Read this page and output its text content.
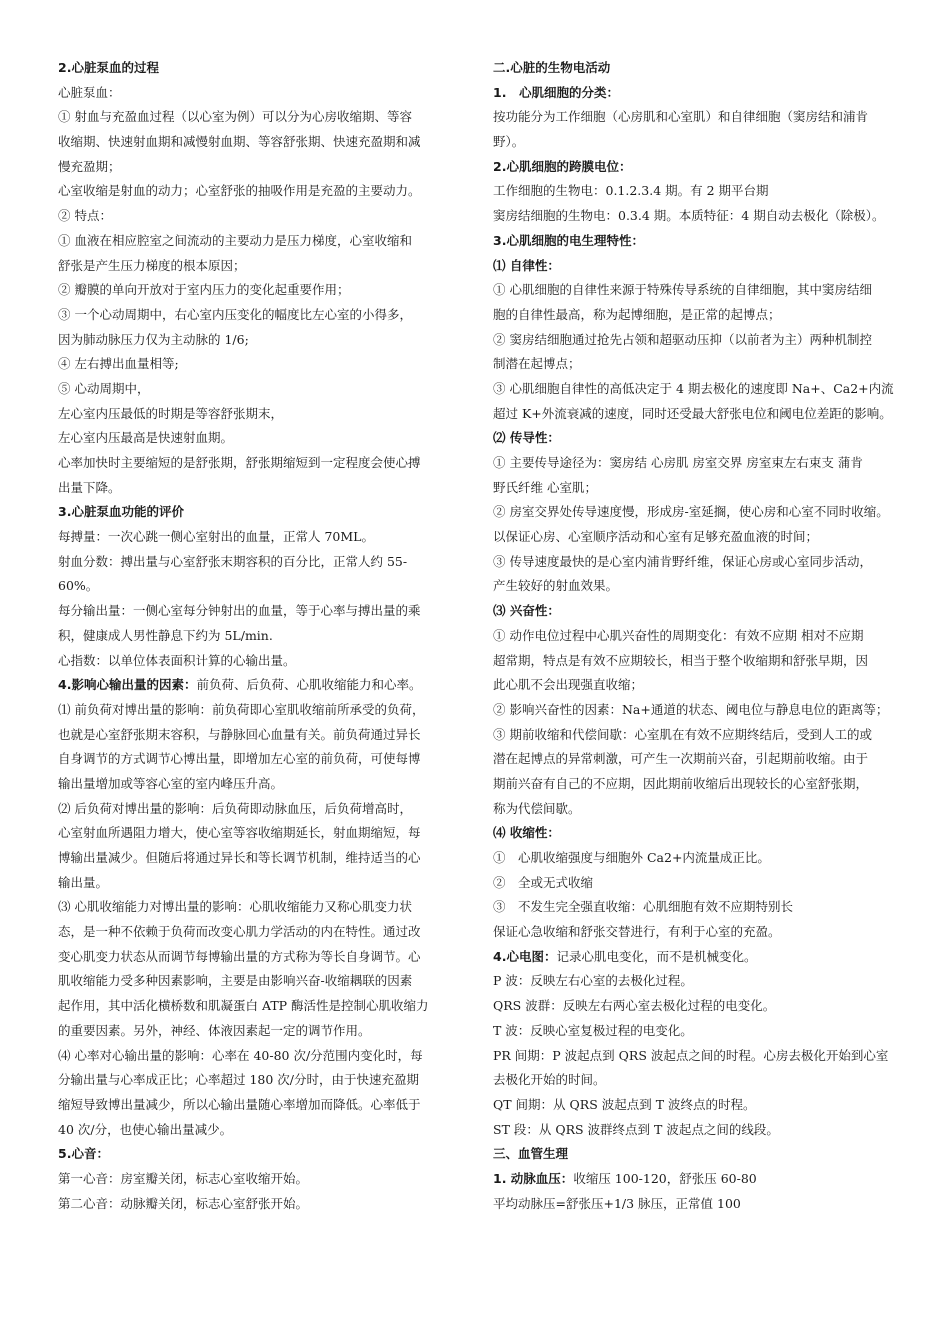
2.心脏泵血的过程
心脏泵血：
① 射血与充盈血过程（以心室为例）可以分为心房收缩期、等容
收缩期、快速射血期和减慢射血期、等容舒张期、快速充盈期和减
慢充盈期；
心室收缩是射血的动力；心室舒张的抽吸作用是充盈的主要动力。
② 特点：
① 血液在相应腔室之间流动的主要动力是压力梯度，心室收缩和
舒张是产生压力梯度的根本原因；
② 瓣膜的单向开放对于室内压力的变化起重要作用；
③ 一个心动周期中，右心室内压变化的幅度比左心室的小得多，
因为肺动脉压力仅为主动脉的 1/6;
④ 左右搏出血量相等;
⑤ 心动周期中，
左心室内压最低的时期是等容舒张期末，
左心室内压最高是快速射血期。
心率加快时主要缩短的是舒张期，舒张期缩短到一定程度会使心搏
出量下降。
3.心脏泵血功能的评价
每搏量：一次心跳一侧心室射出的血量，正常人 70ML。
射血分数：搏出量与心室舒张末期容积的百分比，正常人约 55-
60%。
每分输出量：一侧心室每分钟射出的血量，等于心率与搏出量的乘
积，健康成人男性静息下约为 5L/min.
心指数：以单位体表面积计算的心输出量。
4.影响心输出量的因素：前负荷、后负荷、心肌收缩能力和心率。
⑴ 前负荷对博出量的影响：前负荷即心室肌收缩前所承受的负荷，
也就是心室舒张期末容积，与静脉回心血量有关。前负荷通过异长
自身调节的方式调节心博出量，即增加左心室的前负荷，可使每博
输出量增加或等容心室的室内峰压升高。
⑵ 后负荷对博出量的影响：后负荷即动脉血压，后负荷增高时，
心室射血所遇阻力增大，使心室等容收缩期延长，射血期缩短，每
博输出量减少。但随后将通过异长和等长调节机制，维持适当的心
输出量。
⑶ 心肌收缩能力对博出量的影响：心肌收缩能力又称心肌变力状
态，是一种不依赖于负荷而改变心肌力学活动的内在特性。通过改
变心肌变力状态从而调节每博输出量的方式称为等长自身调节。心
肌收缩能力受多种因素影响，主要是由影响兴奋-收缩耦联的因素
起作用，其中活化横桥数和肌凝蛋白 ATP 酶活性是控制心肌收缩力
的重要因素。另外，神经、体液因素起一定的调节作用。
⑷ 心率对心输出量的影响：心率在 40-80 次/分范围内变化时，每
分输出量与心率成正比；心率超过 180 次/分时，由于快速充盈期
缩短导致博出量减少，所以心输出量随心率增加而降低。心率低于
40 次/分，也使心输出量减少。
5.心音：
第一心音：房室瓣关闭，标志心室收缩开始。
第二心音：动脉瓣关闭，标志心室舒张开始。
二.心脏的生物电活动
1.　心肌细胞的分类：
按功能分为工作细胞（心房肌和心室肌）和自律细胞（窦房结和浦肯
野）。
2.心肌细胞的跨膜电位：
工作细胞的生物电：0.1.2.3.4 期。有 2 期平台期
窦房结细胞的生物电：0.3.4 期。本质特征：4 期自动去极化（除极）。
3.心肌细胞的电生理特性：
⑴ 自律性：
① 心肌细胞的自律性来源于特殊传导系统的自律细胞，其中窦房结细
胞的自律性最高，称为起博细胞，是正常的起博点；
② 窦房结细胞通过抢先占领和超驱动压抑（以前者为主）两种机制控
制潜在起博点；
③ 心肌细胞自律性的高低决定于 4 期去极化的速度即 Na+、Ca2+内流
超过 K+外流衰减的速度，同时还受最大舒张电位和阈电位差距的影响。
⑵ 传导性：
① 主要传导途径为：窦房结 心房肌 房室交界 房室束左右束支 蒲肯
野氏纤维 心室肌；
② 房室交界处传导速度慢，形成房-室延搁，使心房和心室不同时收缩。
以保证心房、心室顺序活动和心室有足够充盈血液的时间；
③ 传导速度最快的是心室内浦肯野纤维，保证心房或心室同步活动，
产生较好的射血效果。
⑶ 兴奋性：
① 动作电位过程中心肌兴奋性的周期变化：有效不应期 相对不应期
超常期，特点是有效不应期较长，相当于整个收缩期和舒张早期，因
此心肌不会出现强直收缩；
② 影响兴奋性的因素：Na+通道的状态、阈电位与静息电位的距离等；
③ 期前收缩和代偿间歇：心室肌在有效不应期终结后，受到人工的或
潜在起博点的异常刺激，可产生一次期前兴奋，引起期前收缩。由于
期前兴奋有自己的不应期，因此期前收缩后出现较长的心室舒张期，
称为代偿间歇。
⑷ 收缩性：
①　心肌收缩强度与细胞外 Ca2+内流量成正比。
②　全或无式收缩
③　不发生完全强直收缩：心肌细胞有效不应期特别长
保证心急收缩和舒张交替进行，有利于心室的充盈。
4.心电图：记录心肌电变化，而不是机械变化。
P 波：反映左右心室的去极化过程。
QRS 波群：反映左右两心室去极化过程的电变化。
T 波：反映心室复极过程的电变化。
PR 间期：P 波起点到 QRS 波起点之间的时程。心房去极化开始到心室
去极化开始的时间。
QT 间期：从 QRS 波起点到 T 波终点的时程。
ST 段：从 QRS 波群终点到 T 波起点之间的线段。
三、血管生理
1. 动脉血压：收缩压 100-120，舒张压 60-80
平均动脉压=舒张压+1/3 脉压，正常值 100
